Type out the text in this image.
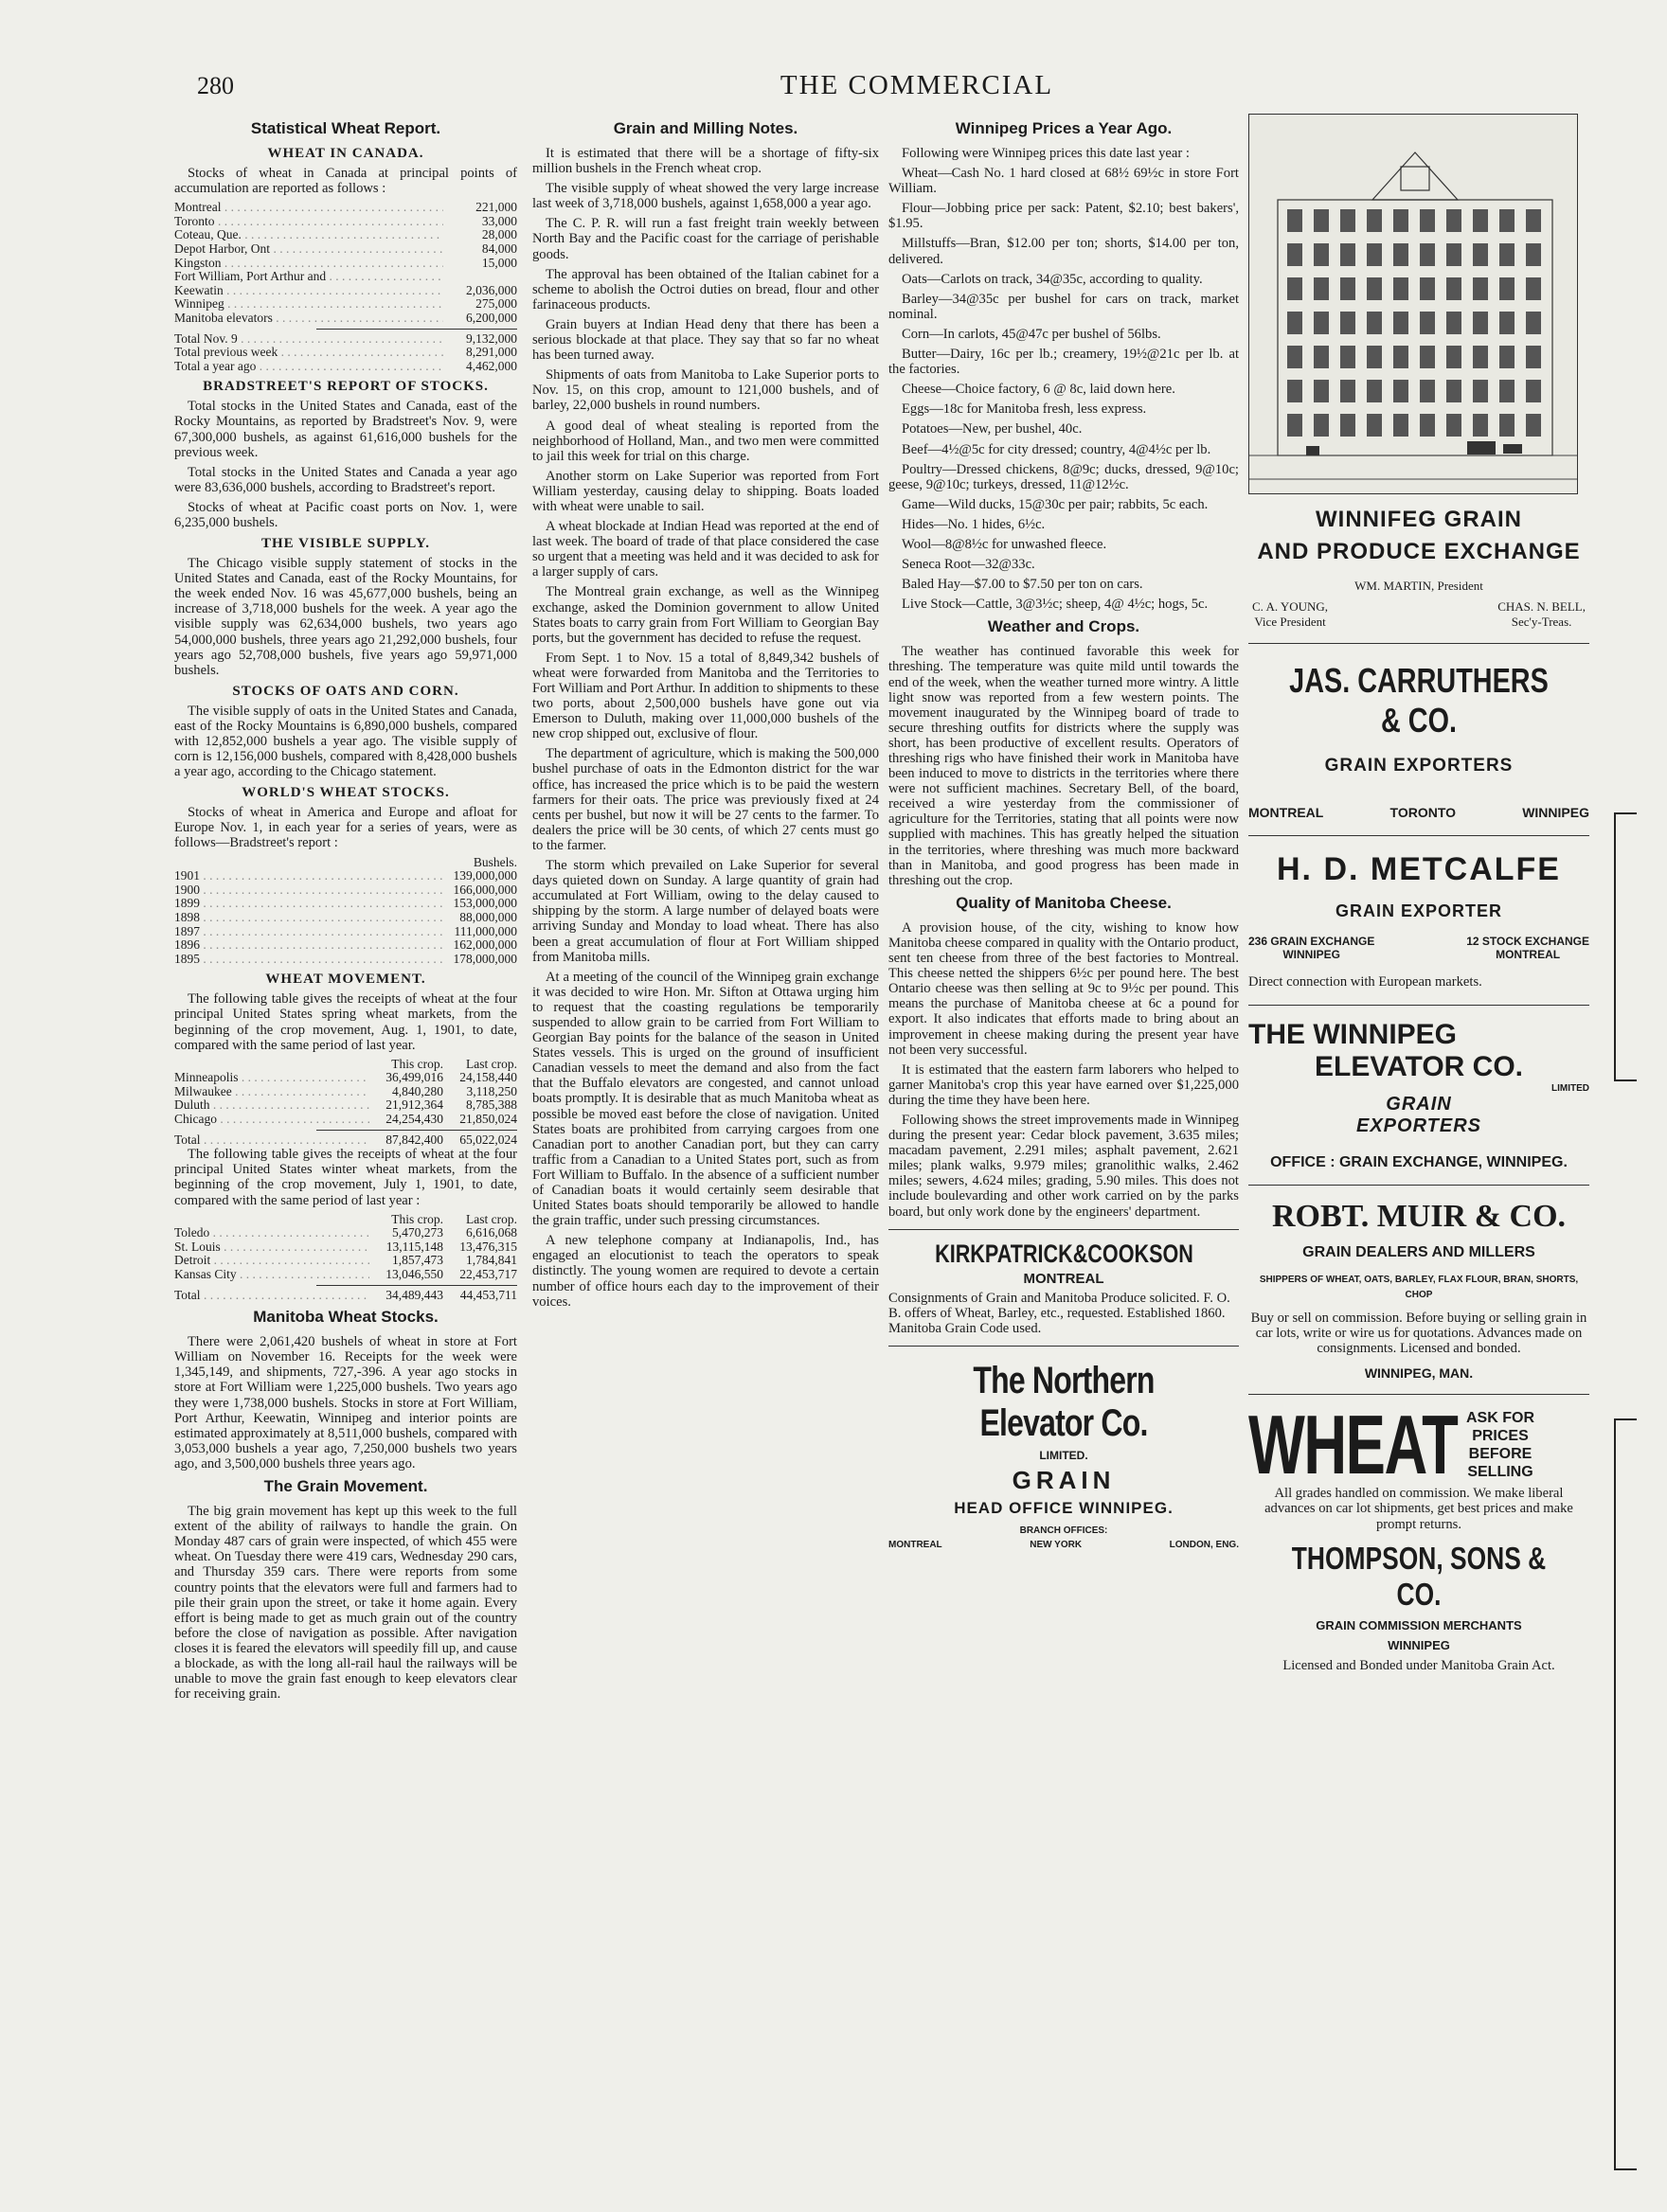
280	THE COMMERCIAL
Statistical Wheat Report.
WHEAT IN CANADA.

Stocks of wheat in Canada at principal points of accumulation are reported as follows :

Montreal . . .	221,000
Toronto . . .	33,000
Coteau, Que. . . .	28,000
Depot Harbor, Ont . . .	84,000
Kingston . . .	15,000
Fort William, Port Arthur and . . .
Keewatin . . .	2,036,000
Winnipeg . . .	275,000
Manitoba elevators . . .	6,200,000
Total Nov. 9 . . .	9,132,000
Total previous week . . .	8,291,000
Total a year ago . . .	4,462,000
BRADSTREET'S REPORT OF STOCKS.

Total stocks in the United States and Canada, east of the Rocky Mountains, as reported by Bradstreet's Nov. 9, were 67,300,000 bushels, as against 61,616,000 bushels for the previous week.

Total stocks in the United States and Canada a year ago were 83,636,000 bushels, according to Bradstreet's report.

Stocks of wheat at Pacific coast ports on Nov. 1, were 6,235,000 bushels.

THE VISIBLE SUPPLY.

The Chicago visible supply statement of stocks in the United States and Canada, east of the Rocky Mountains, for the week ended Nov. 16 was 45,677,000 bushels, being an increase of 3,718,000 bushels for the week. A year ago the visible supply was 62,634,000 bushels, two years ago 54,000,000 bushels, three years ago 21,292,000 bushels, four years ago 52,708,000 bushels, five years ago 59,971,000 bushels.

STOCKS OF OATS AND CORN.

The visible supply of oats in the United States and Canada, east of the Rocky Mountains is 6,890,000 bushels, compared with 12,852,000 bushels a year ago. The visible supply of corn is 12,156,000 bushels, compared with 8,428,000 bushels a year ago, according to the Chicago statement.

WORLD'S WHEAT STOCKS.

Stocks of wheat in America and Europe and afloat for Europe Nov. 1, in each year for a series of years, were as follows—Bradstreet's report :

Bushels.
1901 . . .	139,000,000
1900 . . .	166,000,000
1899 . . .	153,000,000
1898 . . .	88,000,000
1897 . . .	111,000,000
1896 . . .	162,000,000
1895 . . .	178,000,000
WHEAT MOVEMENT.

The following table gives the receipts of wheat at the four principal United States spring wheat markets, from the beginning of the crop movement, Aug. 1, 1901, to date, compared with the same period of last year.

This crop.	Last crop.
Minneapolis . . .	36,499,016	24,158,440
Milwaukee . . .	4,840,280	3,118,250
Duluth . . .	21,912,364	8,785,388
Chicago . . .	24,254,430	21,850,024
Total . . .	87,842,400	65,022,024

The following table gives the receipts of wheat at the four principal United States winter wheat markets, from the beginning of the crop movement, July 1, 1901, to date, compared with the same period of last year :

This crop.	Last crop.
Toledo . . .	5,470,273	6,616,068
St. Louis . . .	13,115,148	13,476,315
Detroit . . .	1,857,473	1,784,841
Kansas City . . .	13,046,550	22,453,717
Total . . .	34,489,443	44,453,711
Manitoba Wheat Stocks.

There were 2,061,420 bushels of wheat in store at Fort William on November 16. Receipts for the week were 1,345,149, and shipments, 727,-396. A year ago stocks in store at Fort William were 1,225,000 bushels. Two years ago they were 1,738,000 bushels. Stocks in store at Fort William, Port Arthur, Keewatin, Winnipeg and interior points are estimated approximately at 8,511,000 bushels, compared with 3,053,000 bushels a year ago, 7,250,000 bushels two years ago, and 3,500,000 bushels three years ago.

The Grain Movement.

The big grain movement has kept up this week to the full extent of the ability of railways to handle the grain. On Monday 487 cars of grain were inspected, of which 455 were wheat. On Tuesday there were 419 cars, Wednesday 290 cars, and Thursday 359 cars. There were reports from some country points that the elevators were full and farmers had to pile their grain upon the street, or take it home again. Every effort is being made to get as much grain out of the country before the close of navigation as possible. After navigation closes it is feared the elevators will speedily fill up, and cause a blockade, as with the long all-rail haul the railways will be unable to move the grain fast enough to keep elevators clear for receiving grain.

Grain and Milling Notes.

It is estimated that there will be a shortage of fifty-six million bushels in the French wheat crop.

The visible supply of wheat showed the very large increase last week of 3,718,000 bushels, against 1,658,000 a year ago.

The C. P. R. will run a fast freight train weekly between North Bay and the Pacific coast for the carriage of perishable goods.

The approval has been obtained of the Italian cabinet for a scheme to abolish the Octroi duties on bread, flour and other farinaceous products.

Grain buyers at Indian Head deny that there has been a serious blockade at that place. They say that so far no wheat has been turned away.

Shipments of oats from Manitoba to Lake Superior ports to Nov. 15, on this crop, amount to 121,000 bushels, and of barley, 22,000 bushels in round numbers.

A good deal of wheat stealing is reported from the neighborhood of Holland, Man., and two men were committed to jail this week for trial on this charge.

Another storm on Lake Superior was reported from Fort William yesterday, causing delay to shipping. Boats loaded with wheat were unable to sail.

A wheat blockade at Indian Head was reported at the end of last week. The board of trade of that place considered the case so urgent that a meeting was held and it was decided to ask for a larger supply of cars.

The Montreal grain exchange, as well as the Winnipeg exchange, asked the Dominion government to allow United States boats to carry grain from Fort William to Georgian Bay ports, but the government has decided to refuse the request.

From Sept. 1 to Nov. 15 a total of 8,849,342 bushels of wheat were forwarded from Manitoba and the Territories to Fort William and Port Arthur. In addition to shipments to these two ports, about 2,500,000 bushels have gone out via Emerson to Duluth, making over 11,000,000 bushels of the new crop shipped out, exclusive of flour.

The department of agriculture, which is making the 500,000 bushel purchase of oats in the Edmonton district for the war office, has increased the price which is to be paid the western farmers for their oats. The price was previously fixed at 24 cents per bushel, but now it will be 27 cents to the farmer. To dealers the price will be 30 cents, of which 27 cents must go to the farmer.

The storm which prevailed on Lake Superior for several days quieted down on Sunday. A large quantity of grain had accumulated at Fort William, owing to the delay caused to shipping by the storm. A large number of delayed boats were arriving Sunday and Monday to load wheat. There has also been a great accumulation of flour at Fort William shipped from Manitoba mills.

At a meeting of the council of the Winnipeg grain exchange it was decided to wire Hon. Mr. Sifton at Ottawa urging him to request that the coasting regulations be temporarily suspended to allow grain to be carried from Fort William to Georgian Bay points for the balance of the season in United States vessels. This is urged on the ground of insufficient Canadian vessels to meet the demand and also from the fact that the Buffalo elevators are congested, and cannot unload boats promptly. It is desirable that as much Manitoba wheat as possible be moved east before the close of navigation. United States boats are prohibited from carrying cargoes from one Canadian port to another Canadian port, but they can carry traffic from a Canadian to a United States port, such as from Fort William to Buffalo. In the absence of a sufficient number of Canadian boats it would certainly seem desirable that United States boats should temporarily be allowed to handle the grain traffic, under such pressing circumstances.

A new telephone company at Indianapolis, Ind., has engaged an elocutionist to teach the operators to speak distinctly. The young women are required to devote a certain number of office hours each day to the improvement of their voices.

Winnipeg Prices a Year Ago.

Following were Winnipeg prices this date last year :

Wheat—Cash No. 1 hard closed at 68½ 69½c in store Fort William.

Flour—Jobbing price per sack: Patent, $2.10; best bakers', $1.95.

Millstuffs—Bran, $12.00 per ton; shorts, $14.00 per ton, delivered.

Oats—Carlots on track, 34@35c, according to quality.

Barley—34@35c per bushel for cars on track, market nominal.

Corn—In carlots, 45@47c per bushel of 56lbs.

Butter—Dairy, 16c per lb.; creamery, 19½@21c per lb. at the factories.

Cheese—Choice factory, 6 @ 8c, laid down here.

Eggs—18c for Manitoba fresh, less express.

Potatoes—New, per bushel, 40c.

Beef—4½@5c for city dressed; country, 4@4½c per lb.

Poultry—Dressed chickens, 8@9c; ducks, dressed, 9@10c; geese, 9@10c; turkeys, dressed, 11@12½c.

Game—Wild ducks, 15@30c per pair; rabbits, 5c each.

Hides—No. 1 hides, 6½c.

Wool—8@8½c for unwashed fleece.

Seneca Root—32@33c.

Baled Hay—$7.00 to $7.50 per ton on cars.

Live Stock—Cattle, 3@3½c; sheep, 4@ 4½c; hogs, 5c.

Weather and Crops.

The weather has continued favorable this week for threshing. The temperature was quite mild until towards the end of the week, when the weather turned more wintry. A little light snow was reported from a few western points. The movement inaugurated by the Winnipeg board of trade to secure threshing outfits for districts where the supply was short, has been productive of excellent results. Operators of threshing rigs who have finished their work in Manitoba have been induced to move to districts in the territories where there were not sufficient machines. Secretary Bell, of the board, received a wire yesterday from the commissioner of agriculture for the Territories, stating that all points were now supplied with machines. This has greatly helped the situation in the territories, where threshing was much more backward than in Manitoba, and good progress has been made in threshing out the crop.

Quality of Manitoba Cheese.

A provision house, of the city, wishing to know how Manitoba cheese compared in quality with the Ontario product, sent ten cheese from three of the best factories to Montreal. This cheese netted the shippers 6½c per pound here. The best Ontario cheese was then selling at 9c to 9½c per pound. This means the purchase of Manitoba cheese at 6c a pound for export. It also indicates that efforts made to bring about an improvement in cheese making during the present year have not been very successful.

It is estimated that the eastern farm laborers who helped to garner Manitoba's crop this year have earned over $1,225,000 during the time they have been here.

Following shows the street improvements made in Winnipeg during the present year: Cedar block pavement, 3.635 miles; macadam pavement, 2.291 miles; asphalt pavement, 2.621 miles; plank walks, 9.979 miles; granolithic walks, 2.462 miles; sewers, 4.624 miles; grading, 5.90 miles. This does not include boulevarding and other work carried on by the parks board, but only work done by the engineers' department.

KIRKPATRICK&COOKSON
MONTREAL

Consignments of Grain and Manitoba Produce solicited. F. O. B. offers of Wheat, Barley, etc., requested. Established 1860. Manitoba Grain Code used.

The Northern Elevator Co.
LIMITED.
GRAIN
HEAD OFFICE WINNIPEG.
BRANCH OFFICES:
MONTREAL	NEW YORK	LONDON, ENG.
WINNIFEG GRAIN
AND PRODUCE EXCHANGE
WM. MARTIN, President
C. A. YOUNG,
Vice President
CHAS. N. BELL,
Sec'y-Treas.
JAS. CARRUTHERS & CO.
GRAIN EXPORTERS
MONTREAL	TORONTO	WINNIPEG
H. D. METCALFE
GRAIN EXPORTER
236 GRAIN EXCHANGE
WINNIPEG
12 STOCK EXCHANGE
MONTREAL

Direct connection with European markets.

THE WINNIPEG
ELEVATOR CO.
LIMITED
GRAIN
EXPORTERS
OFFICE : GRAIN EXCHANGE, WINNIPEG.
ROBT. MUIR & CO.
GRAIN DEALERS AND MILLERS
SHIPPERS OF WHEAT, OATS, BARLEY, FLAX FLOUR, BRAN, SHORTS, CHOP

Buy or sell on commission. Before buying or selling grain in car lots, write or wire us for quotations. Advances made on consignments. Licensed and bonded.

WINNIPEG, MAN.
WHEAT ASK FOR
PRICES
BEFORE
SELLING

All grades handled on commission. We make liberal advances on car lot shipments, get best prices and make prompt returns.

THOMPSON, SONS & CO.
GRAIN COMMISSION MERCHANTS
WINNIPEG

Licensed and Bonded under Manitoba Grain Act.
